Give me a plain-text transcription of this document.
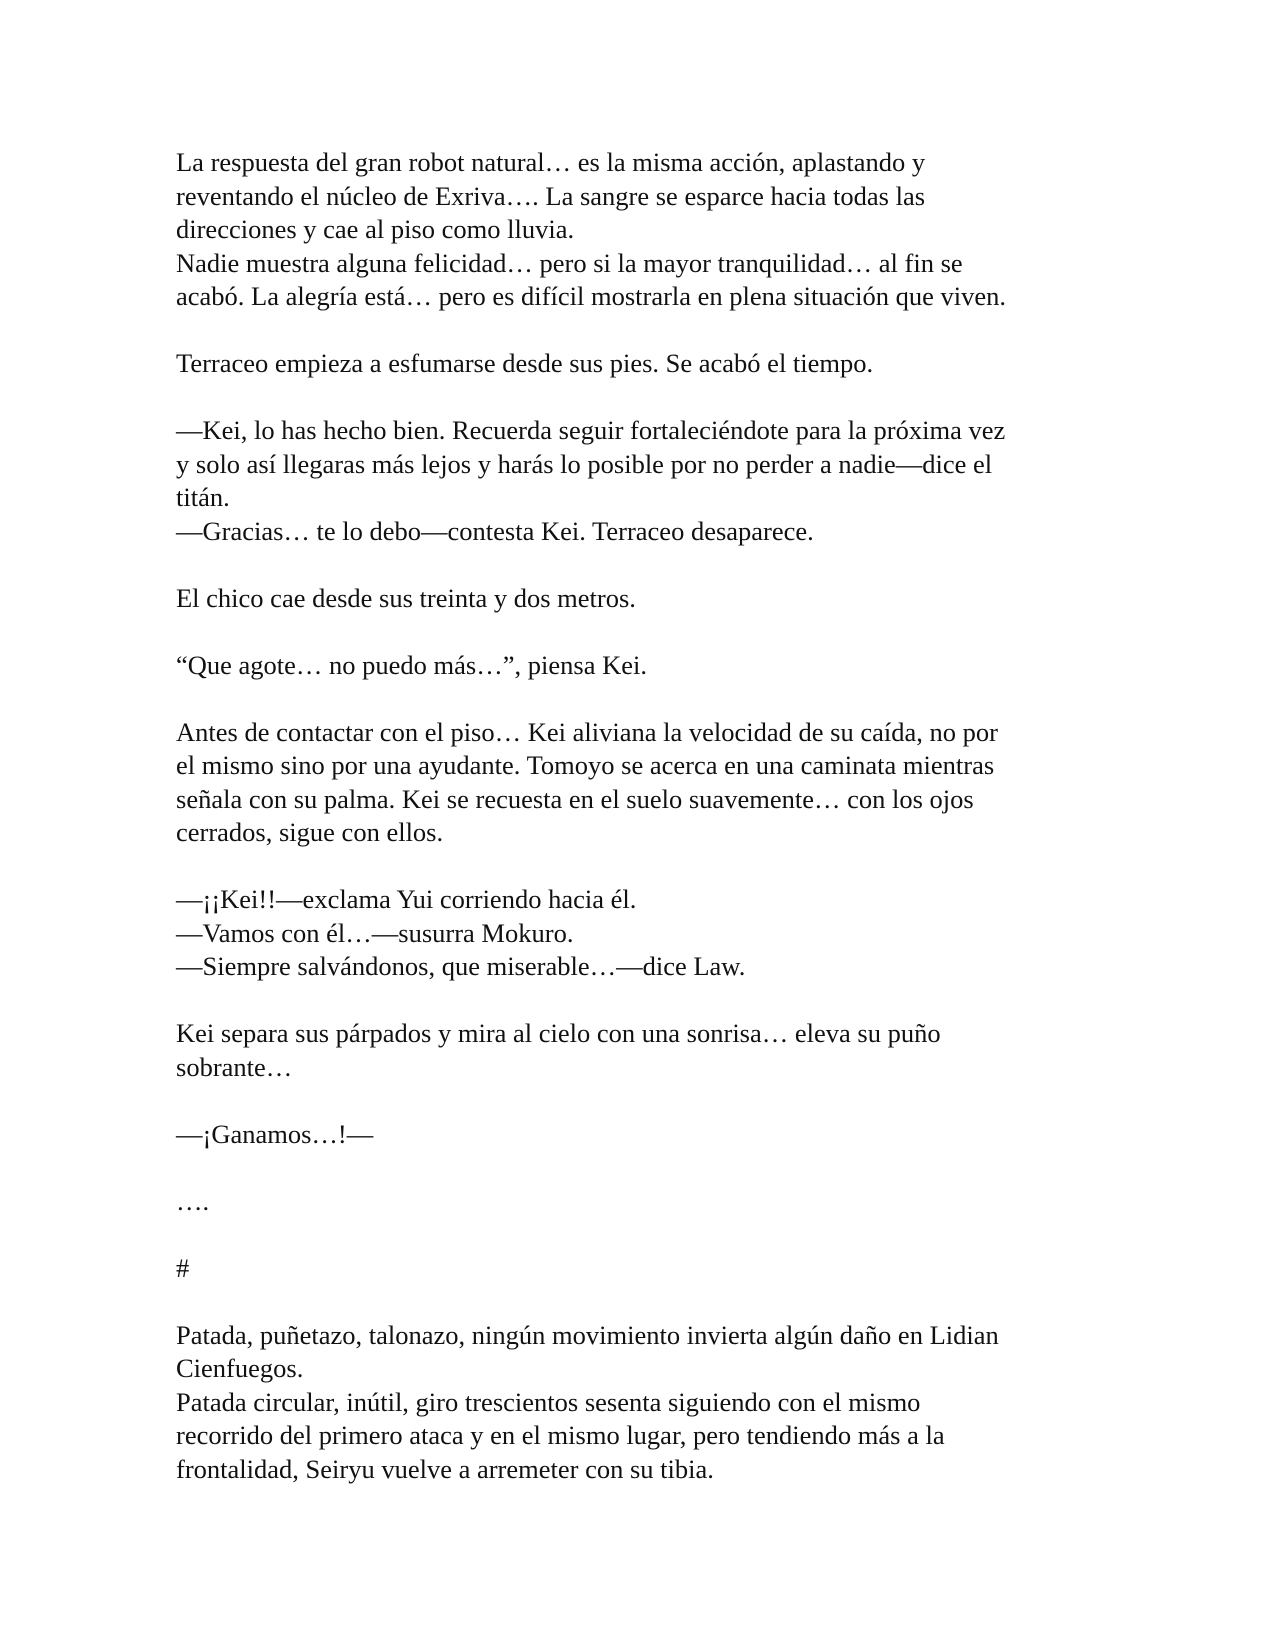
La respuesta del gran robot natural… es la misma acción, aplastando y
reventando el núcleo de Exriva…. La sangre se esparce hacia todas las
direcciones y cae al piso como lluvia.
Nadie muestra alguna felicidad… pero si la mayor tranquilidad… al fin se
acabó. La alegría está… pero es difícil mostrarla en plena situación que viven.
Terraceo empieza a esfumarse desde sus pies. Se acabó el tiempo.
—Kei, lo has hecho bien. Recuerda seguir fortaleciéndote para la próxima vez
y solo así llegaras más lejos y harás lo posible por no perder a nadie—dice el
titán.
—Gracias… te lo debo—contesta Kei. Terraceo desaparece.
El chico cae desde sus treinta y dos metros.
“Que agote… no puedo más…”, piensa Kei.
Antes de contactar con el piso… Kei aliviana la velocidad de su caída, no por
el mismo sino por una ayudante. Tomoyo se acerca en una caminata mientras
señala con su palma. Kei se recuesta en el suelo suavemente… con los ojos
cerrados, sigue con ellos.
—¡¡Kei!!—exclama Yui corriendo hacia él.
—Vamos con él…—susurra Mokuro.
—Siempre salvándonos, que miserable…—dice Law.
Kei separa sus párpados y mira al cielo con una sonrisa… eleva su puño
sobrante…
—¡Ganamos…!—
….
#
Patada, puñetazo, talonazo, ningún movimiento invierta algún daño en Lidian
Cienfuegos.
Patada circular, inútil, giro trescientos sesenta siguiendo con el mismo
recorrido del primero ataca y en el mismo lugar, pero tendiendo más a la
frontalidad, Seiryu vuelve a arremeter con su tibia.
